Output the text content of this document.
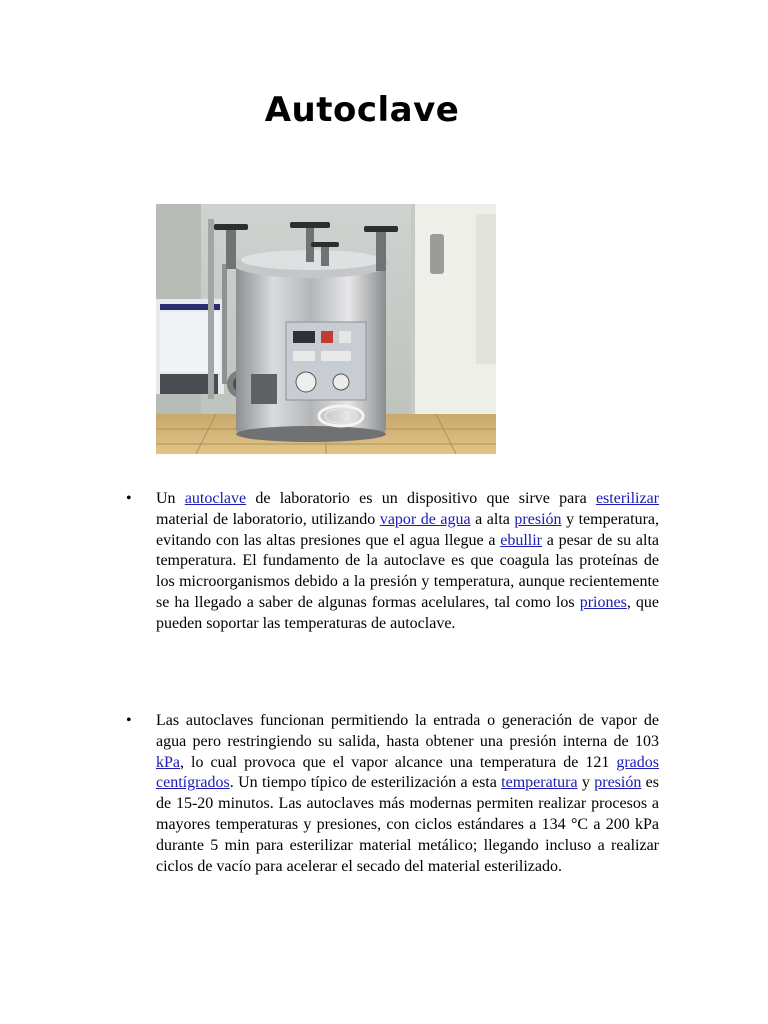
Autoclave
• Un autoclave de laboratorio es un dispositivo que sirve para esterilizar material de laboratorio, utilizando vapor de agua a alta presión y temperatura, evitando con las altas presiones que el agua llegue a ebullir a pesar de su alta temperatura. El fundamento de la autoclave es que coagula las proteínas de los microorganismos debido a la presión y temperatura, aunque recientemente se ha llegado a saber de algunas formas acelulares, tal como los priones, que pueden soportar las temperaturas de autoclave.

• Las autoclaves funcionan permitiendo la entrada o generación de vapor de agua pero restringiendo su salida, hasta obtener una presión interna de 103 kPa, lo cual provoca que el vapor alcance una temperatura de 121 grados centígrados. Un tiempo típico de esterilización a esta temperatura y presión es de 15-20 minutos. Las autoclaves más modernas permiten realizar procesos a mayores temperaturas y presiones, con ciclos estándares a 134 °C a 200 kPa durante 5 min para esterilizar material metálico; llegando incluso a realizar ciclos de vacío para acelerar el secado del material esterilizado.
